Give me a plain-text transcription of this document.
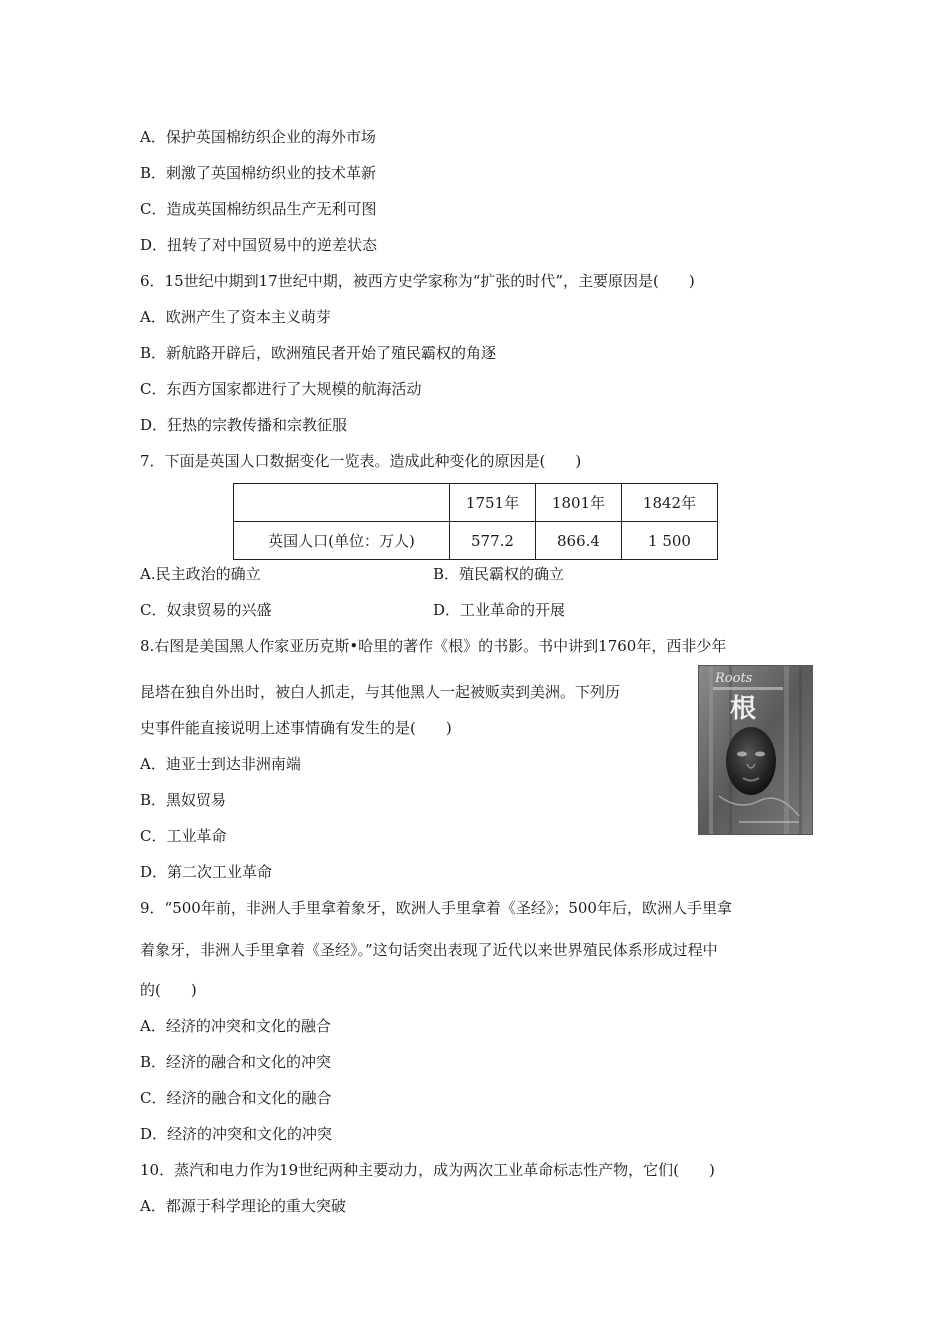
A．保护英国棉纺织企业的海外市场
B．刺激了英国棉纺织业的技术革新
C．造成英国棉纺织品生产无利可图
D．扭转了对中国贸易中的逆差状态
6．15世纪中期到17世纪中期，被西方史学家称为“扩张的时代”，主要原因是(　　)
A．欧洲产生了资本主义萌芽
B．新航路开辟后，欧洲殖民者开始了殖民霸权的角逐
C．东西方国家都进行了大规模的航海活动
D．狂热的宗教传播和宗教征服
7．下面是英国人口数据变化一览表。造成此种变化的原因是(　　)
	1751年	1801年	1842年
英国人口(单位：万人)	577.2	866.4	1 500
A.民主政治的确立	B．殖民霸权的确立
C．奴隶贸易的兴盛	D．工业革命的开展
8.右图是美国黑人作家亚历克斯•哈里的著作《根》的书影。书中讲到1760年，西非少年
昆塔在独自外出时，被白人抓走，与其他黑人一起被贩卖到美洲。下列历
史事件能直接说明上述事情确有发生的是(　　)
A．迪亚士到达非洲南端
B．黑奴贸易
C．工业革命
D．第二次工业革命
Roots
根
9．“500年前，非洲人手里拿着象牙，欧洲人手里拿着《圣经》；500年后，欧洲人手里拿
着象牙，非洲人手里拿着《圣经》。”这句话突出表现了近代以来世界殖民体系形成过程中
的(　　)
A．经济的冲突和文化的融合
B．经济的融合和文化的冲突
C．经济的融合和文化的融合
D．经济的冲突和文化的冲突
10．蒸汽和电力作为19世纪两种主要动力，成为两次工业革命标志性产物，它们(　　)
A．都源于科学理论的重大突破
